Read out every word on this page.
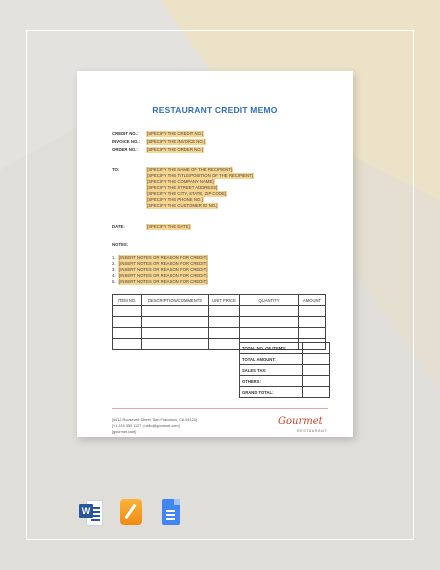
RESTAURANT CREDIT MEMO
CREDIT NO.: [SPECIFY THE CREDIT NO.]
INVOICE NO.: [SPECIFY THE INVOICE NO.]
ORDER NO.: [SPECIFY THE ORDER NO.]
TO:	[SPECIFY THE NAME OF THE RECIPIENT]
[SPECIFY THE TITLE/POSITION OF THE RECIPIENT]
[SPECIFY THE COMPANY NAME]
[SPECIFY THE STREET ADDRESS]
[SPECIFY THE CITY, STATE, ZIP CODE]
[SPECIFY THE PHONE NO.]
[SPECIFY THE CUSTOMER ID NO.]
DATE:	[SPECIFY THE DATE]
NOTES:
1. [INSERT NOTES OR REASON FOR CREDIT]
2. [INSERT NOTES OR REASON FOR CREDIT]
3. [INSERT NOTES OR REASON FOR CREDIT]
4. [INSERT NOTES OR REASON FOR CREDIT]
5. [INSERT NOTES OR REASON FOR CREDIT]
ITEM NO.	DESCRIPTION/COMMENTS	UNIT PRICE	QUANTITY	AMOUNT

TOTAL NO. OF ITEMS:	
TOTAL AMOUNT:	
SALES TAX:	
OTHERS:	
GRAND TOTAL:	
[4412 Roosevelt Street, San Francisco, CA 94124]
[+1 415 359 1127 | hello@gourmet.com]
[gourmet.com]
Gourmet
RESTAURANT
W
